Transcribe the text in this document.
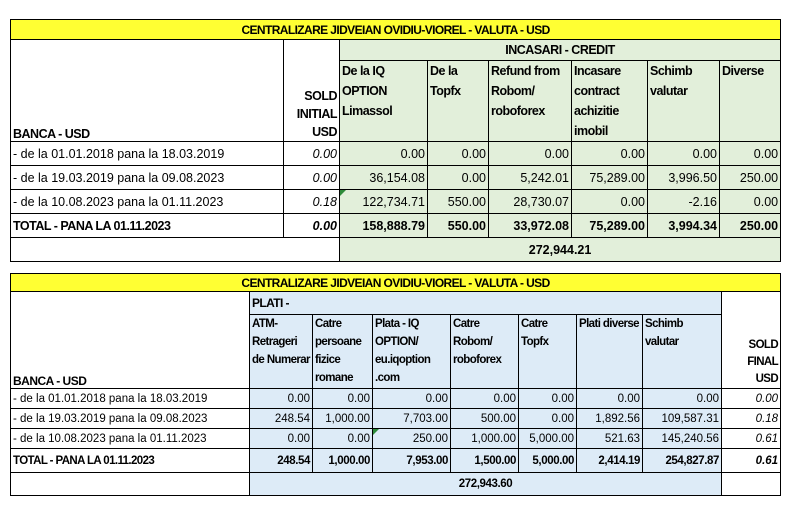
CENTRALIZARE JIDVEIAN OVIDIU-VIOREL - VALUTA - USD							
BANCA - USD	SOLD INITIAL USD	INCASARI - CREDIT					
		De la IQ OPTION Limassol	De la Topfx	Refund from Robom/ roboforex	Incasare contract achizitie imobil	Schimb valutar	Diverse
- de la 01.01.2018 pana la 18.03.2019	0.00	0.00	0.00	0.00	0.00	0.00	0.00
- de la 19.03.2019 pana la 09.08.2023	0.00	36,154.08	0.00	5,242.01	75,289.00	3,996.50	250.00
- de la 10.08.2023 pana la 01.11.2023	0.18	122,734.71	550.00	28,730.07	0.00	-2.16	0.00
TOTAL - PANA LA 01.11.2023	0.00	158,888.79	550.00	33,972.08	75,289.00	3,994.34	250.00
		272,944.21					
CENTRALIZARE JIDVEIAN OVIDIU-VIOREL - VALUTA - USD								
BANCA - USD	PLATI -							SOLD FINAL USD
	ATM-Retrageri de Numerar	Catre persoane fizice romane	Plata - IQ OPTION/ eu.iqoption .com	Catre Robom/ roboforex	Catre Topfx	Plati diverse	Schimb valutar	
- de la 01.01.2018 pana la 18.03.2019	0.00	0.00	0.00	0.00	0.00	0.00	0.00	0.00
- de la 19.03.2019 pana la 09.08.2023	248.54	1,000.00	7,703.00	500.00	0.00	1,892.56	109,587.31	0.18
- de la 10.08.2023 pana la 01.11.2023	0.00	0.00	250.00	1,000.00	5,000.00	521.63	145,240.56	0.61
TOTAL - PANA LA 01.11.2023	248.54	1,000.00	7,953.00	1,500.00	5,000.00	2,414.19	254,827.87	0.61
	272,943.60							
